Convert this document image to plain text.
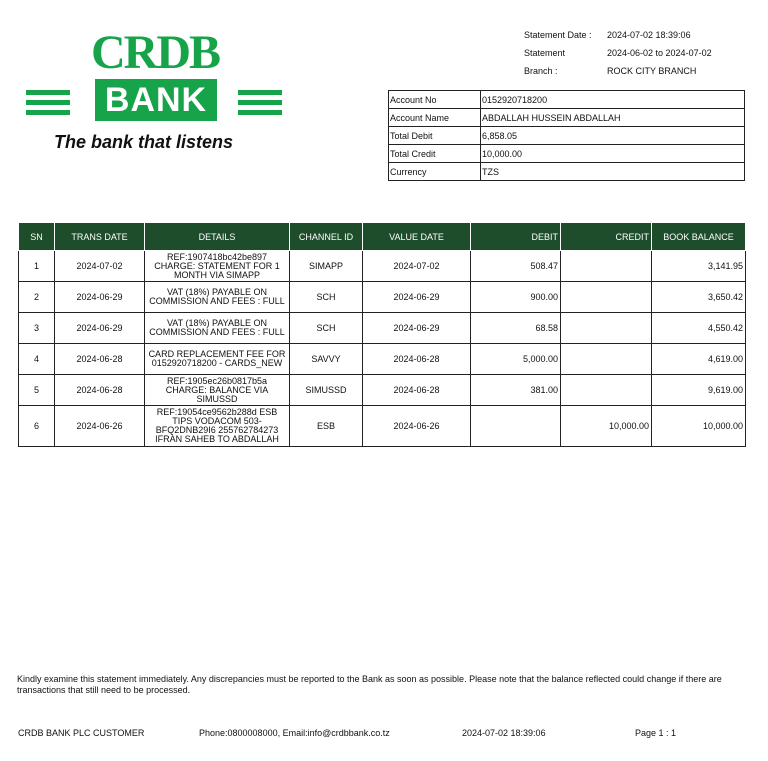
CRDB
BANK
The bank that listens
Statement Date : 2024-07-02 18:39:06
Statement	2024-06-02 to 2024-07-02
Branch :	ROCK CITY BRANCH
Account No	0152920718200
Account Name	ABDALLAH HUSSEIN ABDALLAH
Total Debit	6,858.05
Total Credit	10,000.00
Currency	TZS
SN	TRANS DATE	DETAILS	CHANNEL ID	VALUE DATE	DEBIT	CREDIT	BOOK BALANCE
1	2024-07-02	REF:1907418bc42be897 CHARGE: STATEMENT FOR 1 MONTH VIA SIMAPP	SIMAPP	2024-07-02	508.47		3,141.95
2	2024-06-29	VAT (18%) PAYABLE ON COMMISSION AND FEES : FULL	SCH	2024-06-29	900.00		3,650.42
3	2024-06-29	VAT (18%) PAYABLE ON COMMISSION AND FEES : FULL	SCH	2024-06-29	68.58		4,550.42
4	2024-06-28	CARD REPLACEMENT FEE FOR 0152920718200 - CARDS_NEW	SAVVY	2024-06-28	5,000.00		4,619.00
5	2024-06-28	REF:1905ec26b0817b5a CHARGE: BALANCE VIA SIMUSSD	SIMUSSD	2024-06-28	381.00		9,619.00
6	2024-06-26	REF:19054ce9562b288d ESB TIPS VODACOM 503-BFQ2DNB29I6 255762784273 IFRAN SAHEB TO ABDALLAH	ESB	2024-06-26		10,000.00	10,000.00
Kindly examine this statement immediately. Any discrepancies must be reported to the Bank as soon as possible. Please note that the balance reflected could change if there are transactions that still need to be processed.
CRDB BANK PLC CUSTOMER	Phone:0800008000, Email:info@crdbbank.co.tz	2024-07-02 18:39:06	Page 1 : 1
